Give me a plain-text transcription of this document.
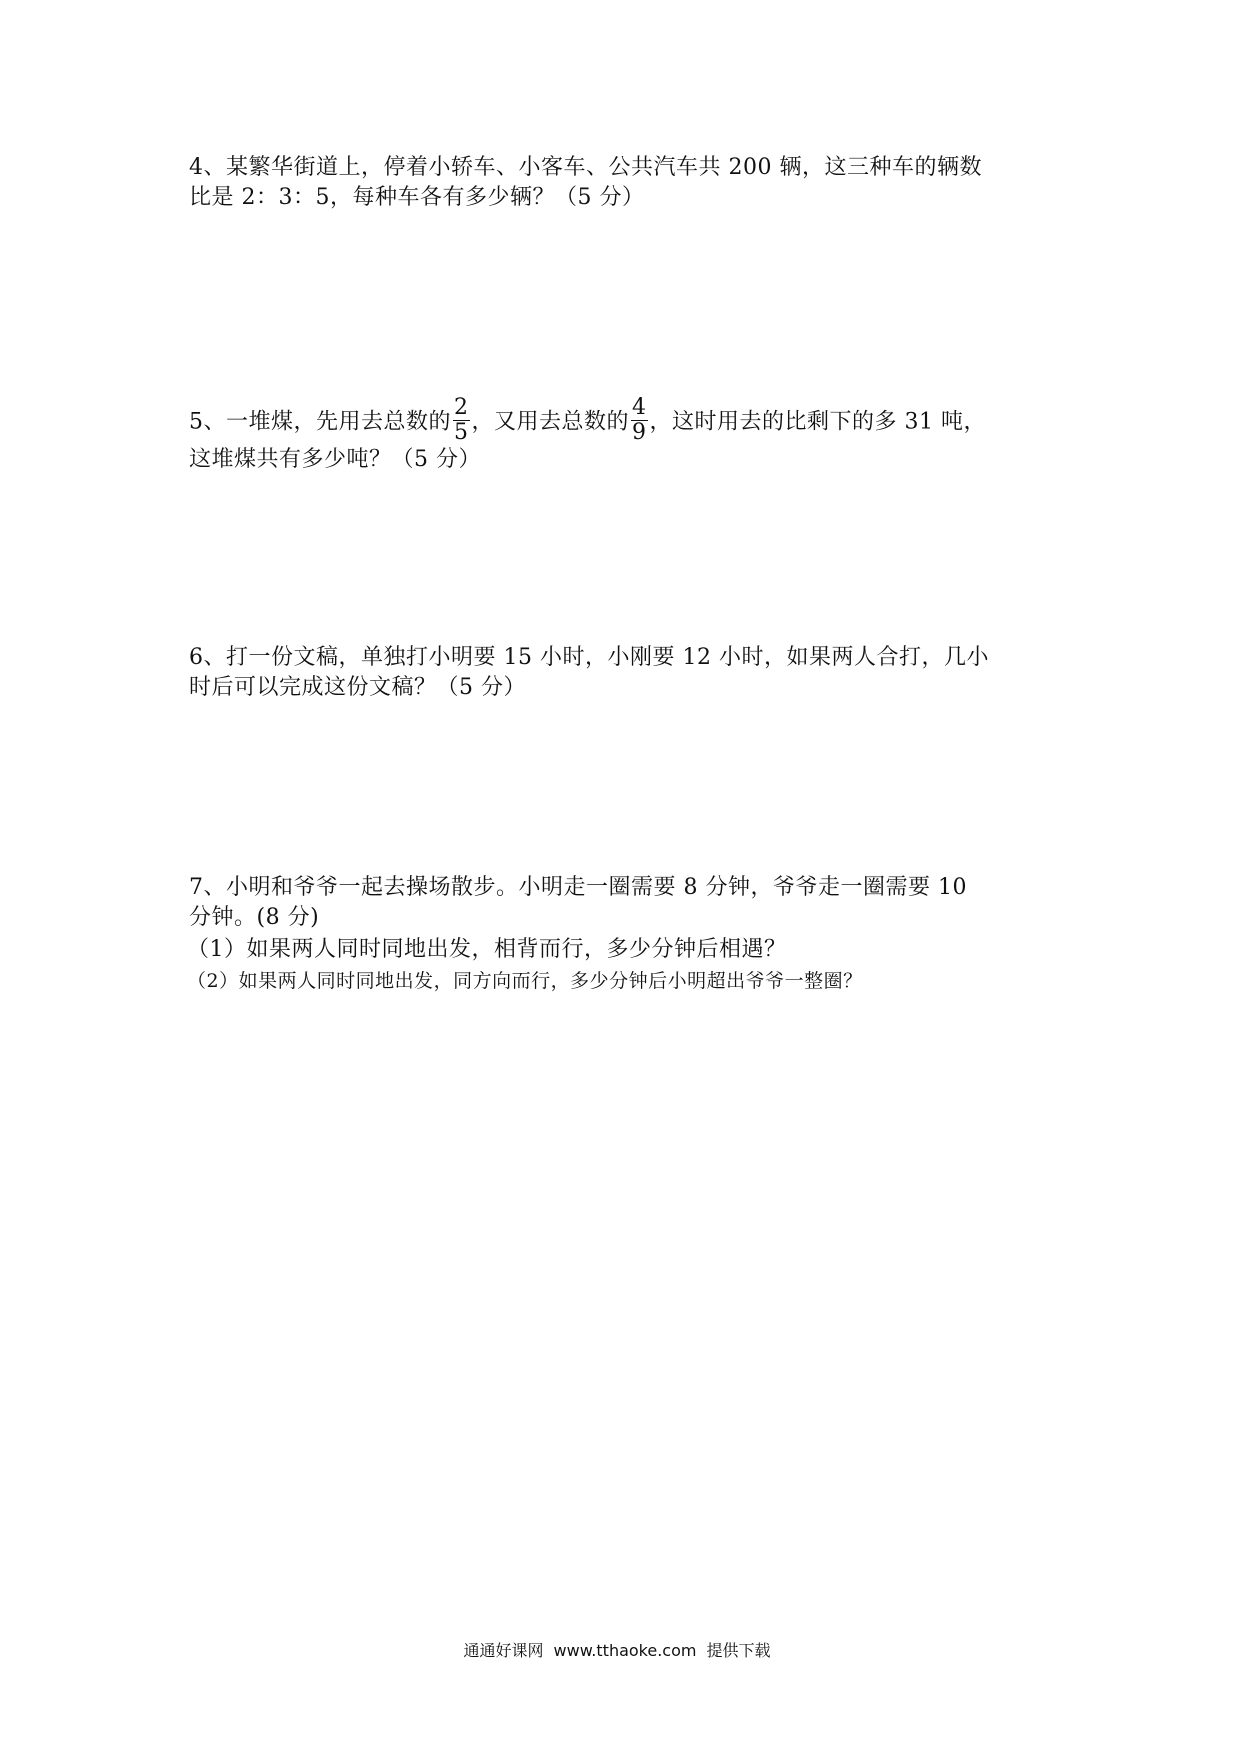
4、某繁华街道上，停着小轿车、小客车、公共汽车共 200 辆，这三种车的辆数
比是 2：3：5，每种车各有多少辆？（5 分）
5、一堆煤，先用去总数的 $\frac{2}{5}$ ，又用去总数的 $\frac{4}{9}$ ，这时用去的比剩下的多 31 吨，
这堆煤共有多少吨？（5 分）
6、打一份文稿，单独打小明要 15 小时，小刚要 12 小时，如果两人合打，几小
时后可以完成这份文稿？（5 分）
7、小明和爷爷一起去操场散步。小明走一圈需要 8 分钟，爷爷走一圈需要 10
分钟。(8 分)
（1）如果两人同时同地出发，相背而行，多少分钟后相遇？
（2）如果两人同时同地出发，同方向而行，多少分钟后小明超出爷爷一整圈？
通通好课网 www.tthaoke.com 提供下载
